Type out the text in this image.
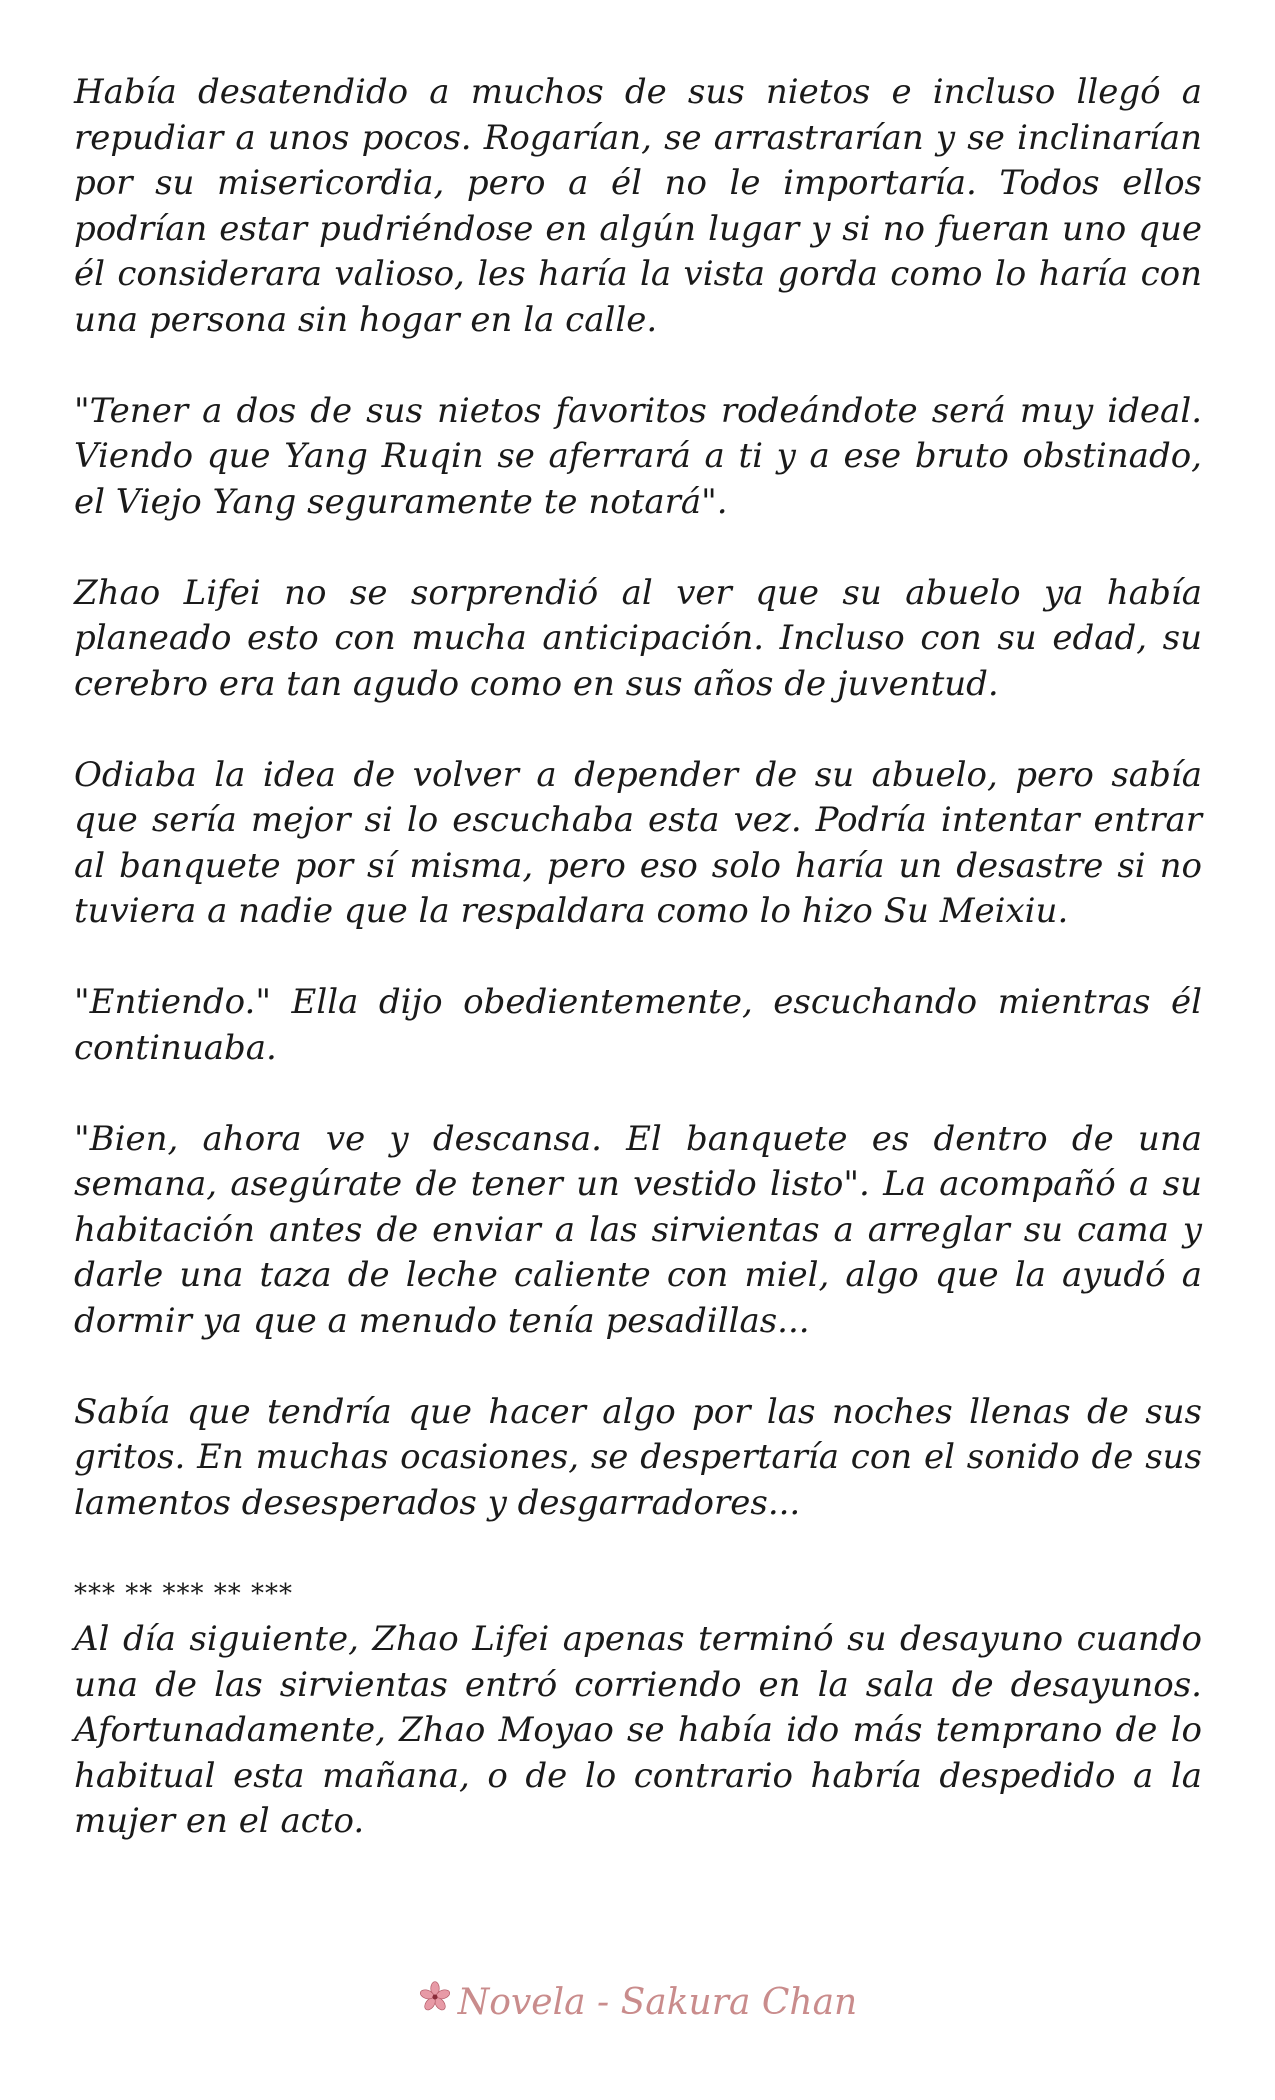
Había desatendido a muchos de sus nietos e incluso llegó a repudiar a unos pocos. Rogarían, se arrastrarían y se inclinarían por su misericordia, pero a él no le importaría. Todos ellos podrían estar pudriéndose en algún lugar y si no fueran uno que él considerara valioso, les haría la vista gorda como lo haría con una persona sin hogar en la calle.

"Tener a dos de sus nietos favoritos rodeándote será muy ideal. Viendo que Yang Ruqin se aferrará a ti y a ese bruto obstinado, el Viejo Yang seguramente te notará".

Zhao Lifei no se sorprendió al ver que su abuelo ya había planeado esto con mucha anticipación. Incluso con su edad, su cerebro era tan agudo como en sus años de juventud.

Odiaba la idea de volver a depender de su abuelo, pero sabía que sería mejor si lo escuchaba esta vez. Podría intentar entrar al banquete por sí misma, pero eso solo haría un desastre si no tuviera a nadie que la respaldara como lo hizo Su Meixiu.

"Entiendo." Ella dijo obedientemente, escuchando mientras él continuaba.

"Bien, ahora ve y descansa. El banquete es dentro de una semana, asegúrate de tener un vestido listo". La acompañó a su habitación antes de enviar a las sirvientas a arreglar su cama y darle una taza de leche caliente con miel, algo que la ayudó a dormir ya que a menudo tenía pesadillas...

Sabía que tendría que hacer algo por las noches llenas de sus gritos. En muchas ocasiones, se despertaría con el sonido de sus lamentos desesperados y desgarradores...

*** ** *** ** ***

Al día siguiente, Zhao Lifei apenas terminó su desayuno cuando una de las sirvientas entró corriendo en la sala de desayunos. Afortunadamente, Zhao Moyao se había ido más temprano de lo habitual esta mañana, o de lo contrario habría despedido a la mujer en el acto.

Novela - Sakura Chan
